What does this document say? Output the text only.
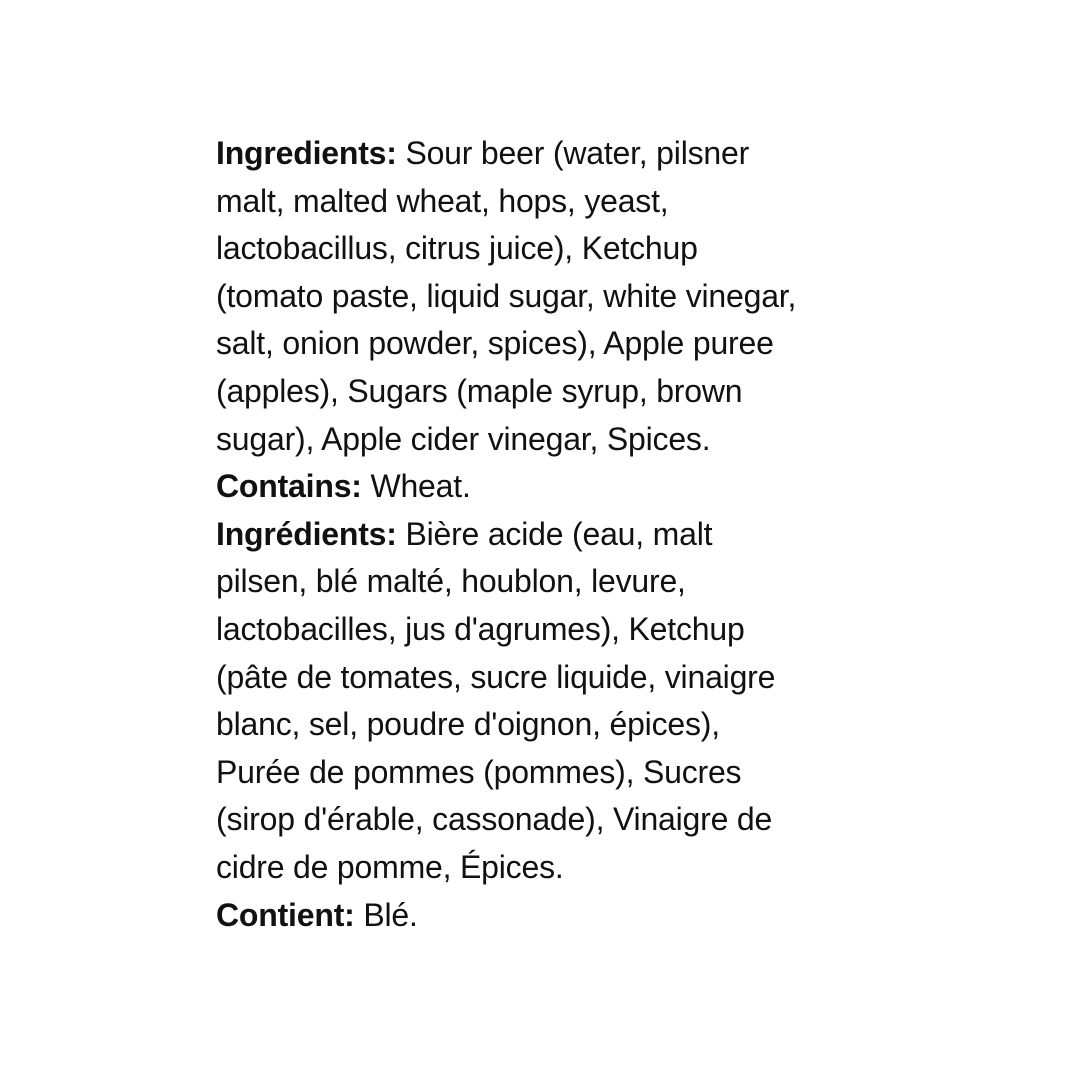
Ingredients: Sour beer (water, pilsner
malt, malted wheat, hops, yeast,
lactobacillus, citrus juice), Ketchup
(tomato paste, liquid sugar, white vinegar,
salt, onion powder, spices), Apple puree
(apples), Sugars (maple syrup, brown
sugar), Apple cider vinegar, Spices.
Contains: Wheat.
Ingrédients: Bière acide (eau, malt
pilsen, blé malté, houblon, levure,
lactobacilles, jus d'agrumes), Ketchup
(pâte de tomates, sucre liquide, vinaigre
blanc, sel, poudre d'oignon, épices),
Purée de pommes (pommes), Sucres
(sirop d'érable, cassonade), Vinaigre de
cidre de pomme, Épices.
Contient: Blé.
